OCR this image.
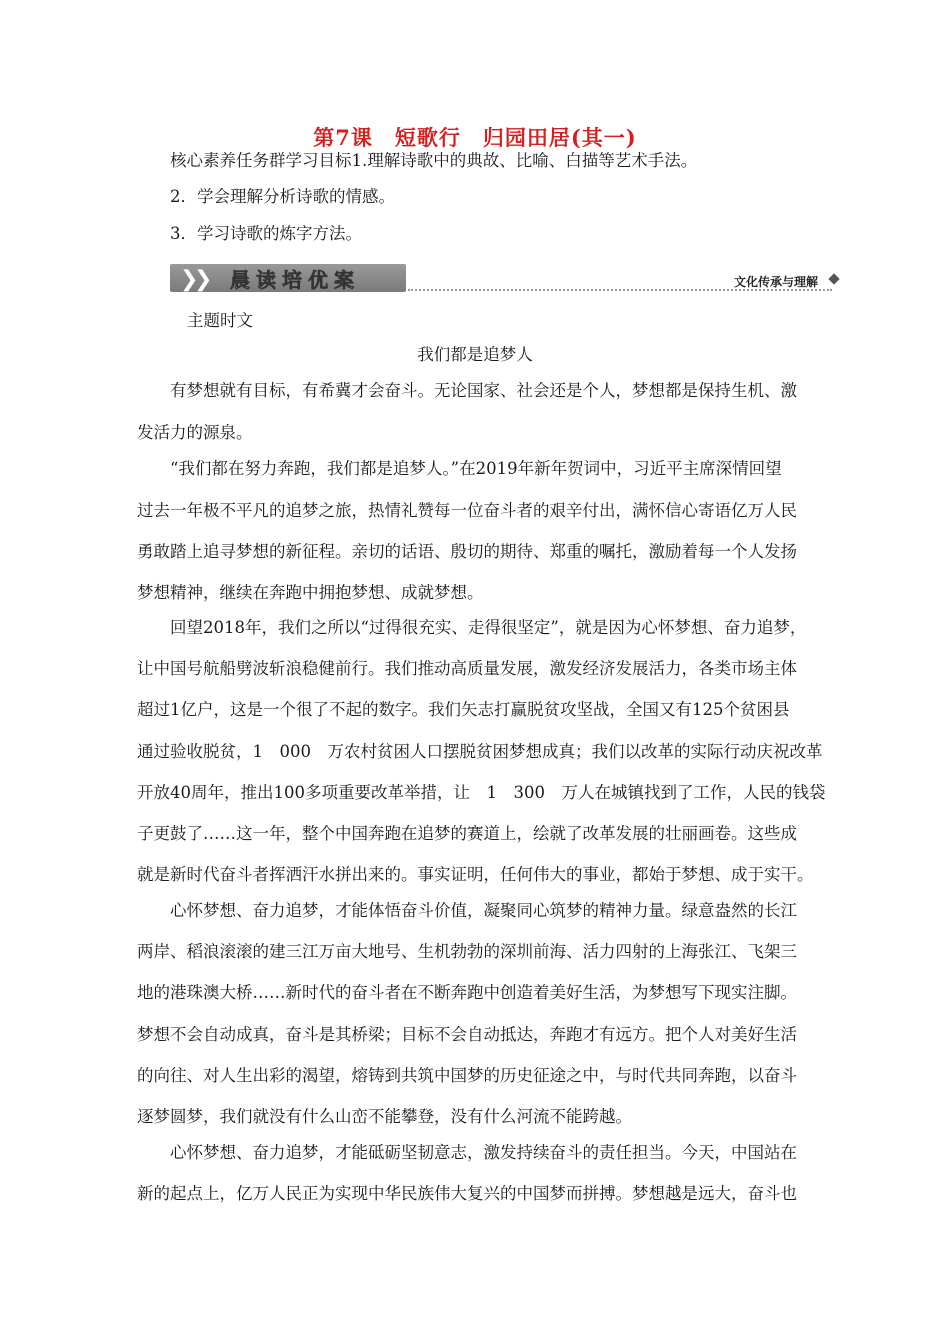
第7课　短歌行　归园田居(其一)
核心素养任务群学习目标1.理解诗歌中的典故、比喻、白描等艺术手法。
2．学会理解分析诗歌的情感。
3．学习诗歌的炼字方法。
❯
❯ 晨读培优案	文化传承与理解
主题时文
我们都是追梦人
有梦想就有目标，有希冀才会奋斗。无论国家、社会还是个人，梦想都是保持生机、激
发活力的源泉。
“我们都在努力奔跑，我们都是追梦人。”在2019年新年贺词中，习近平主席深情回望
过去一年极不平凡的追梦之旅，热情礼赞每一位奋斗者的艰辛付出，满怀信心寄语亿万人民
勇敢踏上追寻梦想的新征程。亲切的话语、殷切的期待、郑重的嘱托，激励着每一个人发扬
梦想精神，继续在奔跑中拥抱梦想、成就梦想。
回望2018年，我们之所以“过得很充实、走得很坚定”，就是因为心怀梦想、奋力追梦，
让中国号航船劈波斩浪稳健前行。我们推动高质量发展，激发经济发展活力，各类市场主体
超过1亿户，这是一个很了不起的数字。我们矢志打赢脱贫攻坚战，全国又有125个贫困县
通过验收脱贫，1　000　万农村贫困人口摆脱贫困梦想成真；我们以改革的实际行动庆祝改革
开放40周年，推出100多项重要改革举措，让　1　300　万人在城镇找到了工作，人民的钱袋
子更鼓了……这一年，整个中国奔跑在追梦的赛道上，绘就了改革发展的壮丽画卷。这些成
就是新时代奋斗者挥洒汗水拼出来的。事实证明，任何伟大的事业，都始于梦想、成于实干。
心怀梦想、奋力追梦，才能体悟奋斗价值，凝聚同心筑梦的精神力量。绿意盎然的长江
两岸、稻浪滚滚的建三江万亩大地号、生机勃勃的深圳前海、活力四射的上海张江、飞架三
地的港珠澳大桥……新时代的奋斗者在不断奔跑中创造着美好生活，为梦想写下现实注脚。
梦想不会自动成真，奋斗是其桥梁；目标不会自动抵达，奔跑才有远方。把个人对美好生活
的向往、对人生出彩的渴望，熔铸到共筑中国梦的历史征途之中，与时代共同奔跑，以奋斗
逐梦圆梦，我们就没有什么山峦不能攀登，没有什么河流不能跨越。
心怀梦想、奋力追梦，才能砥砺坚韧意志，激发持续奋斗的责任担当。今天，中国站在
新的起点上，亿万人民正为实现中华民族伟大复兴的中国梦而拼搏。梦想越是远大，奋斗也
